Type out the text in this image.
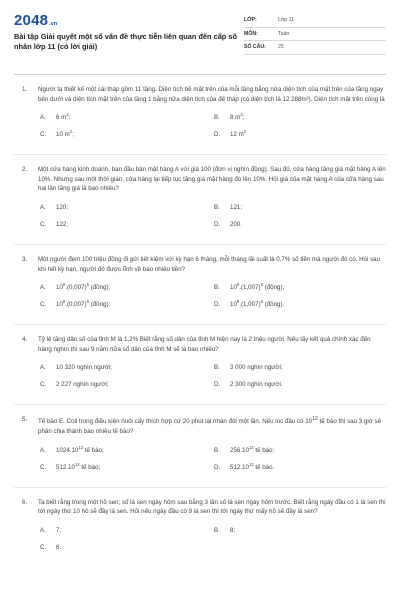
2048 .vn
Bài tập Giải quyết một số vấn đề thực tiễn liên quan đến cấp số nhân lớp 11 (có lời giải)
LỚP:	Lớp 11
MÔN:	Toán
SỐ CÂU:	25
1.	Người ta thiết kế một cái tháp gồm 11 tầng. Diện tích bề mặt trên của mỗi tầng bằng nửa diện tích của mặt trên của tầng ngay bên dưới và diện tích mặt trên của tầng 1 bằng nửa diện tích của đế tháp (có diện tích là 12 288m²). Diện tích mặt trên cùng là
A.	6 $m^2$;	B.	8 $m^2$;
C.	10 $m^2$;	D.	12 $m^2$
2.	Một cửa hàng kinh doanh, ban đầu bán mặt hàng A với giá 100 (đơn vị nghìn đồng). Sau đó, cửa hàng tăng giá mặt hàng A lên 10%. Nhưng sau một thời gian, cửa hàng lại tiếp tục tăng giá mặt hàng đó lên 10%. Hỏi giá của mặt hàng A của cửa hàng sau hai lần tăng giá là bao nhiêu?
A.	120;	B.	121;
C.	122;	D.	200.
3.	Một người đem 100 triệu đồng đi gửi tiết kiệm với kỳ hạn 6 tháng, mỗi tháng lãi suất là 0,7% số tiền mà người đó có. Hỏi sau khi hết kỳ hạn, người đó được lĩnh về bao nhiêu tiền?
A.	$10^8.(0,007)^5$ (đồng);	B.	$10^8.(1,007)^5$ (đồng);
C.	$10^8.(0,007)^6$ (đồng);	D.	$10^8.(1,007)^6$ (đồng).
4.	Tỷ lệ tăng dân số của tỉnh M là 1,2% Biết rằng số dân của tỉnh M hiện nay là 2 triệu người. Nếu lấy kết quả chính xác đến hàng nghìn thì sau 9 năm nữa số dân của tỉnh M sẽ là bao nhiêu?
A.	10 320 nghìn người;	B.	3 000 nghìn người;
C.	2 227 nghìn người;	D.	2 300 nghìn người.
5.	Tế bào E. Coli trong điều kiện nuôi cấy thích hợp cứ 20 phút lại nhân đôi một lần. Nếu lúc đầu có $10^{12}$ tế bào thì sau 3 giờ sẽ phân chia thành bao nhiêu tế bào?
A.	1024.10$^{12}$ tế bào;	B.	256.10$^{12}$ tế bào;
C.	512.10$^{12}$ tế bào;	D.	512.10$^{13}$ tế bào.
6.	Ta biết rằng trong một hồ sen; số lá sen ngày hôm sau bằng 3 lần số lá sen ngày hôm trước. Biết rằng ngày đầu có 1 lá sen thì tới ngày thứ 10 hồ sẽ đầy lá sen. Hỏi nếu ngày đầu có 9 lá sen thì tới ngày thứ mấy hồ sẽ đầy lá sen?
A.	7;	B.	8;
C.	6.
